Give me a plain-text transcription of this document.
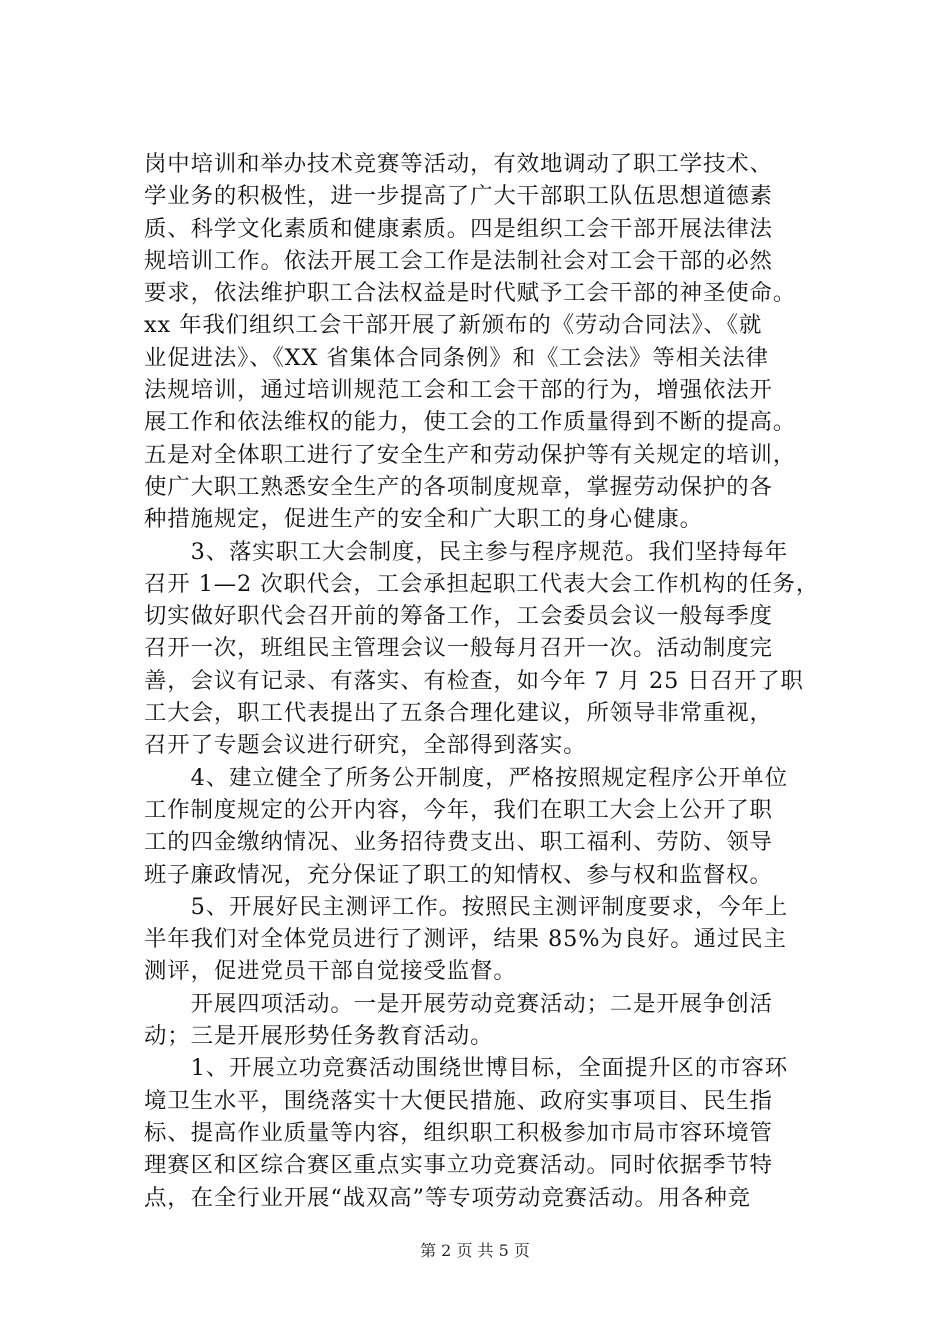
岗中培训和举办技术竞赛等活动，有效地调动了职工学技术、
学业务的积极性，进一步提高了广大干部职工队伍思想道德素
质、科学文化素质和健康素质。四是组织工会干部开展法律法
规培训工作。依法开展工会工作是法制社会对工会干部的必然
要求，依法维护职工合法权益是时代赋予工会干部的神圣使命。
xx 年我们组织工会干部开展了新颁布的《劳动合同法》、《就
业促进法》、《XX 省集体合同条例》和《工会法》等相关法律
法规培训，通过培训规范工会和工会干部的行为，增强依法开
展工作和依法维权的能力，使工会的工作质量得到不断的提高。
五是对全体职工进行了安全生产和劳动保护等有关规定的培训，
使广大职工熟悉安全生产的各项制度规章，掌握劳动保护的各
种措施规定，促进生产的安全和广大职工的身心健康。
　　3、落实职工大会制度，民主参与程序规范。我们坚持每年
召开 1—2 次职代会，工会承担起职工代表大会工作机构的任务，
切实做好职代会召开前的筹备工作，工会委员会议一般每季度
召开一次，班组民主管理会议一般每月召开一次。活动制度完
善，会议有记录、有落实、有检查，如今年 7 月 25 日召开了职
工大会，职工代表提出了五条合理化建议，所领导非常重视，
召开了专题会议进行研究，全部得到落实。
　　4、建立健全了所务公开制度，严格按照规定程序公开单位
工作制度规定的公开内容，今年，我们在职工大会上公开了职
工的四金缴纳情况、业务招待费支出、职工福利、劳防、领导
班子廉政情况，充分保证了职工的知情权、参与权和监督权。
　　5、开展好民主测评工作。按照民主测评制度要求，今年上
半年我们对全体党员进行了测评，结果 85%为良好。通过民主
测评，促进党员干部自觉接受监督。
　　开展四项活动。一是开展劳动竞赛活动；二是开展争创活
动；三是开展形势任务教育活动。
　　1、开展立功竞赛活动围绕世博目标，全面提升区的市容环
境卫生水平，围绕落实十大便民措施、政府实事项目、民生指
标、提高作业质量等内容，组织职工积极参加市局市容环境管
理赛区和区综合赛区重点实事立功竞赛活动。同时依据季节特
点，在全行业开展“战双高”等专项劳动竞赛活动。用各种竞
第 2 页 共 5 页
